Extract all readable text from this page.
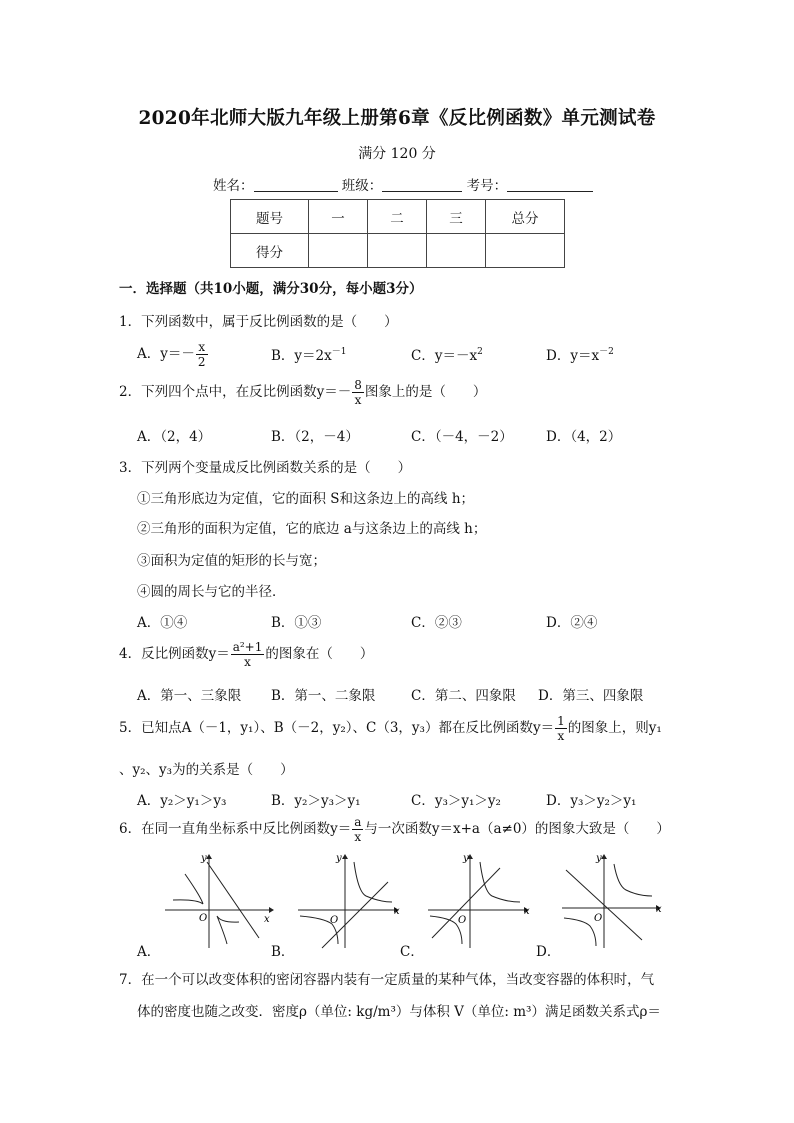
2020年北师大版九年级上册第6章《反比例函数》单元测试卷
满分 120 分
姓名：	班级：	考号：
题号	一	二	三	总分
得分				
一．选择题（共10小题，满分30分，每小题3分）
1．下列函数中，属于反比例函数的是（　　）
A．$y=- \frac{x}{2}$	B．$y=2x^{-1}$	C．$y=-x^2$	D．$y=x^{-2}$
2．下列四个点中，在反比例函数$y=- \frac{8}{x}$ 图象上的是（　　）
A．（2，4）	B．（2，－4）	C．（－4，－2） D．（4，2）
3．下列两个变量成反比例函数关系的是（　　）
①三角形底边为定值，它的面积 S和这条边上的高线 h；
②三角形的面积为定值，它的底边 a与这条边上的高线 h；
③面积为定值的矩形的长与宽；
④圆的周长与它的半径．
A．①④	B．①③	C．②③	D．②④
4．反比例函数$y= \frac{\text{a²+1}}{x}$ 的图象在（　　）
A．第一、三象限 B．第一、二象限	C．第二、四象限 D．第三、四象限
5．已知点A（－1，y₁）、B（－2，y₂）、C（3，y₃）都在反比例函数$y= \frac{1}{x}$ 的图象上，则y₁
、y₂、y₃为的关系是（　　）
A．y₂＞y₁＞y₃	B．y₂＞y₃＞y₁	C．y₃＞y₁＞y₂	D．y₃＞y₂＞y₁
6．在同一直角坐标系中反比例函数$y= \frac{a}{x}$ 与一次函数y＝x+a（a≠0）的图象大致是（　　）
y
x
O
A．
y
x
O
B．
y
x
O
C．
y
x
O
D．
7．在一个可以改变体积的密闭容器内装有一定质量的某种气体，当改变容器的体积时，气
体的密度也随之改变．密度ρ（单位: kg/m³）与体积 V（单位: m³）满足函数关系式ρ＝
